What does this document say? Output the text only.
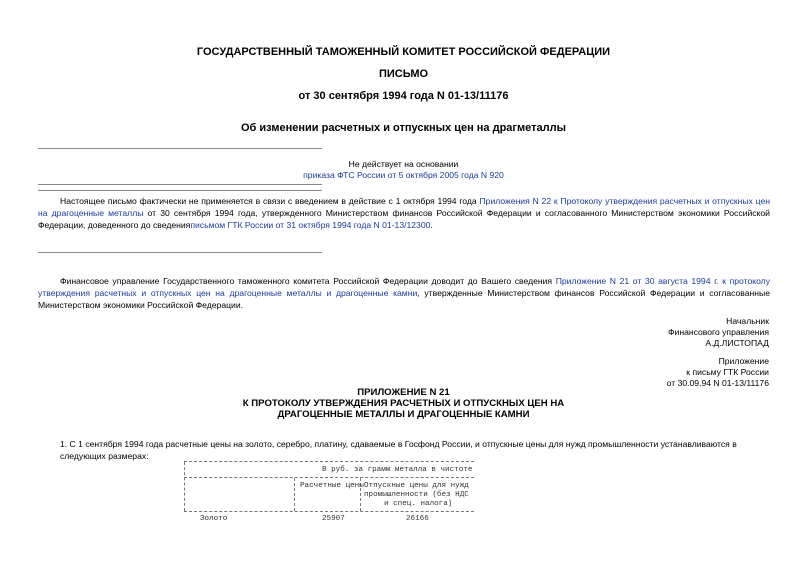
ГОСУДАРСТВЕННЫЙ ТАМОЖЕННЫЙ КОМИТЕТ РОССИЙСКОЙ ФЕДЕРАЦИИ
ПИСЬМО
от 30 сентября 1994 года N 01-13/11176
Об изменении расчетных и отпускных цен на драгметаллы
Не действует на основании
приказа ФТС России от 5 октября 2005 года N 920
Настоящее письмо фактически не применяется в связи с введением в действие с 1 октября 1994 года Приложения N 22 к Протоколу утверждения расчетных и отпускных цен на драгоценные металлы от 30 сентября 1994 года, утвержденного Министерством финансов Российской Федерации и согласованного Министерством экономики Российской Федерации, доведенного до сведенияписьмом ГТК России от 31 октября 1994 года N 01-13/12300.
Финансовое управление Государственного таможенного комитета Российской Федерации доводит до Вашего сведения Приложение N 21 от 30 августа 1994 г. к протоколу утверждения расчетных и отпускных цен на драгоценные металлы и драгоценные камни, утвержденные Министерством финансов Российской Федерации и согласованные Министерством экономики Российской Федерации.
Начальник
Финансового управления
А.Д.ЛИСТОПАД
Приложение
к письму ГТК России
от 30.09.94 N 01-13/11176
ПРИЛОЖЕНИЕ N 21
К ПРОТОКОЛУ УТВЕРЖДЕНИЯ РАСЧЕТНЫХ И ОТПУСКНЫХ ЦЕН НА
ДРАГОЦЕННЫЕ МЕТАЛЛЫ И ДРАГОЦЕННЫЕ КАМНИ
1. С 1 сентября 1994 года расчетные цены на золото, серебро, платину, сдаваемые в Госфонд России, и отпускные цены для нужд промышленности устанавливаются в следующих размерах:
В руб. за грамм металла в чистоте
Расчетные цены Отпускные цены для нужд
промышленности (без НДС
и спец. налога)
Золото	25907	26166
